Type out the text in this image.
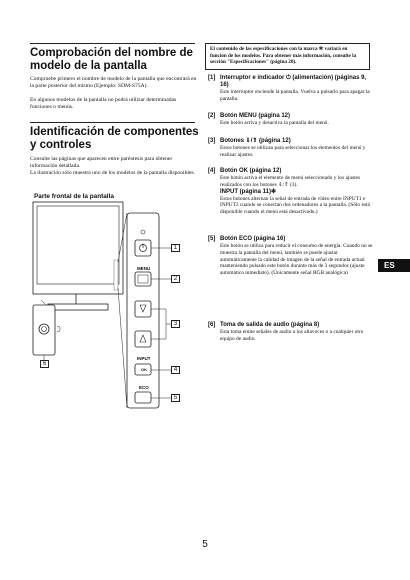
Comprobación del nombre de modelo de la pantalla
Compruebe primero el nombre de modelo de la pantalla que encontrará en la parte posterior del mismo (Ejemplo: SDM-S75A).
En algunos modelos de la pantalla no podrá utilizar determinadas funciones o menús.
Identificación de componentes y controles
Consulte las páginas que aparecen entre paréntesis para obtener información detallada.
La ilustración sólo muestra uno de los modelos de la pantalla disponibles.
Parte frontal de la pantalla
1
2
3
4
5
6
MENU
INPUT
OK
ECO
El contenido de las especificaciones con la marca ✻ variará en función de los modelos. Para obtener más información, consulte la sección "Especificaciones" (página 20).
[1] Interruptor e indicador ⏻ (alimentación) (páginas 9, 16)
Este interruptor enciende la pantalla. Vuelva a pulsarlo para apagar la pantalla.
[2] Botón MENU (página 12)
Este botón activa y desactiva la pantalla del menú.
[3] Botones ⇓/⇑ (página 12)
Estos botones se utilizan para seleccionar los elementos del menú y realizar ajustes.
[4] Botón OK (página 12)
Este botón activa el elemento de menú seleccionado y los ajustes realizados con los botones ⇓/⇑ (3).
INPUT (página 11)✻
Estos botones alternan la señal de entrada de vídeo entre INPUT1 e INPUT2 cuando se conectan dos ordenadores a la pantalla. (Sólo está disponible cuando el menú está desactivado.)
[5] Botón ECO (página 16)
Este botón se utiliza para reducir el consumo de energía. Cuando no se muestra la pantalla del menú, también se puede ajustar automáticamente la calidad de imagen de la señal de entrada actual manteniendo pulsado este botón durante más de 3 segundos (ajuste automático inmediato). (Únicamente señal RGB analógica)
[6] Toma de salida de audio (página 8)
Esta toma emite señales de audio a los altavoces o a cualquier otro equipo de audio.
ES
5
